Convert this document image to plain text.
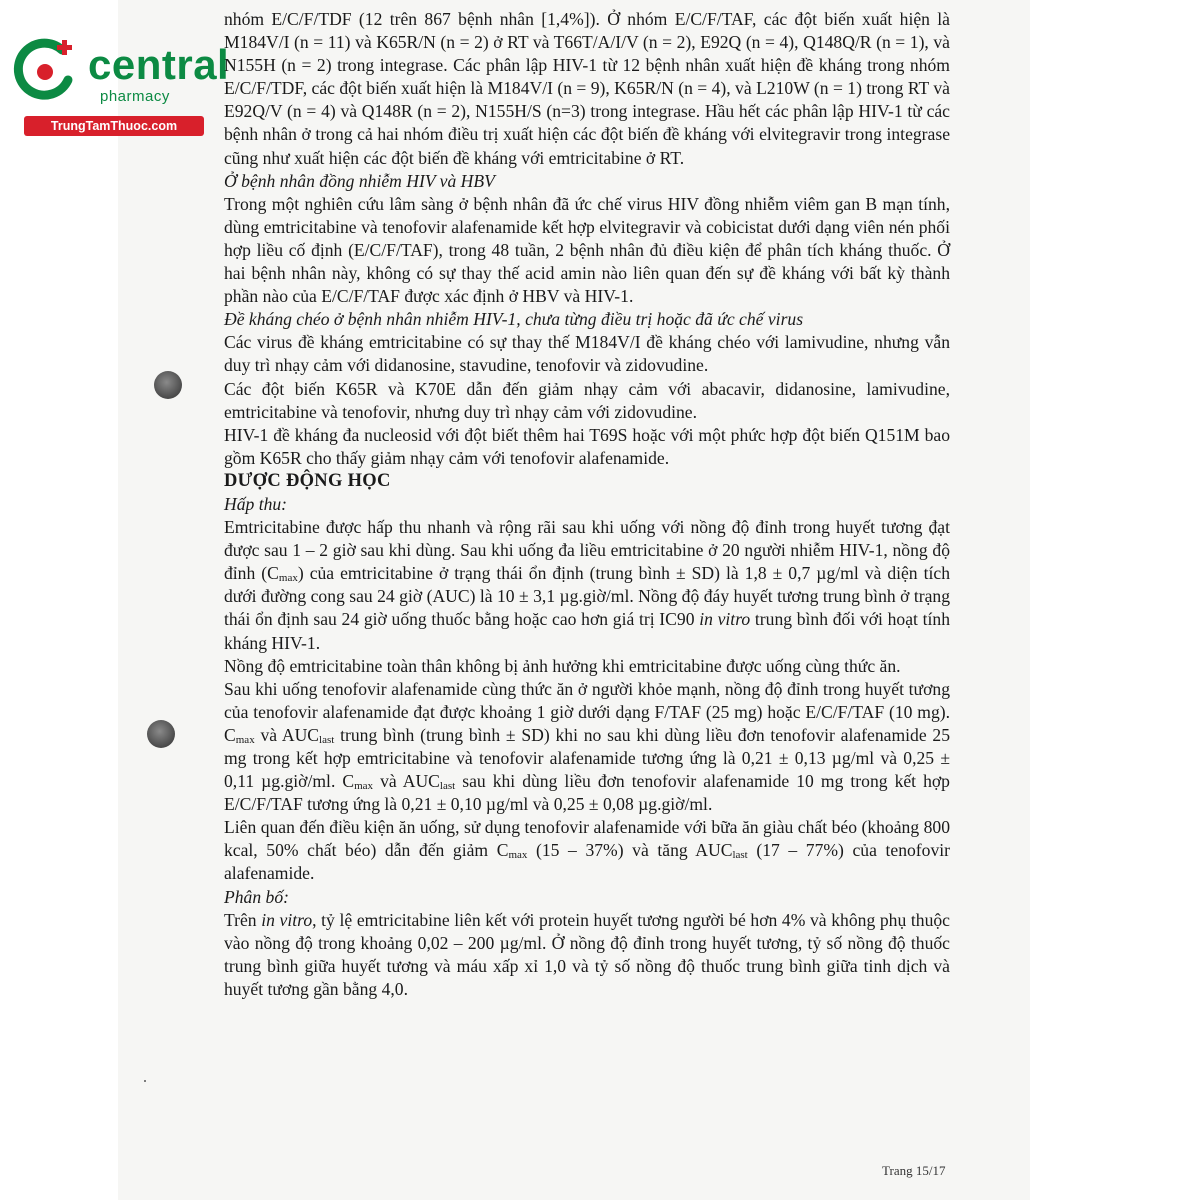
central
pharmacy
TrungTamThuoc.com

nhóm E/C/F/TDF (12 trên 867 bệnh nhân [1,4%]). Ở nhóm E/C/F/TAF, các đột biến xuất hiện là M184V/I (n = 11) và K65R/N (n = 2) ở RT và T66T/A/I/V (n = 2), E92Q (n = 4), Q148Q/R (n = 1), và N155H (n = 2) trong integrase. Các phân lập HIV-1 từ 12 bệnh nhân xuất hiện đề kháng trong nhóm E/C/F/TDF, các đột biến xuất hiện là M184V/I (n = 9), K65R/N (n = 4), và L210W (n = 1) trong RT và E92Q/V (n = 4) và Q148R (n = 2), N155H/S (n=3) trong integrase. Hầu hết các phân lập HIV-1 từ các bệnh nhân ở trong cả hai nhóm điều trị xuất hiện các đột biến đề kháng với elvitegravir trong integrase cũng như xuất hiện các đột biến đề kháng với emtricitabine ở RT.

Ở bệnh nhân đồng nhiễm HIV và HBV

Trong một nghiên cứu lâm sàng ở bệnh nhân đã ức chế virus HIV đồng nhiễm viêm gan B mạn tính, dùng emtricitabine và tenofovir alafenamide kết hợp elvitegravir và cobicistat dưới dạng viên nén phối hợp liều cố định (E/C/F/TAF), trong 48 tuần, 2 bệnh nhân đủ điều kiện để phân tích kháng thuốc. Ở hai bệnh nhân này, không có sự thay thế acid amin nào liên quan đến sự đề kháng với bất kỳ thành phần nào của E/C/F/TAF được xác định ở HBV và HIV-1.

Đề kháng chéo ở bệnh nhân nhiễm HIV-1, chưa từng điều trị hoặc đã ức chế virus

Các virus đề kháng emtricitabine có sự thay thế M184V/I đề kháng chéo với lamivudine, nhưng vẫn duy trì nhạy cảm với didanosine, stavudine, tenofovir và zidovudine.

Các đột biến K65R và K70E dẫn đến giảm nhạy cảm với abacavir, didanosine, lamivudine, emtricitabine và tenofovir, nhưng duy trì nhạy cảm với zidovudine.

HIV-1 đề kháng đa nucleosid với đột biết thêm hai T69S hoặc với một phức hợp đột biến Q151M bao gồm K65R cho thấy giảm nhạy cảm với tenofovir alafenamide.

DƯỢC ĐỘNG HỌC

Hấp thu:

Emtricitabine được hấp thu nhanh và rộng rãi sau khi uống với nồng độ đỉnh trong huyết tương đạt được sau 1 – 2 giờ sau khi dùng. Sau khi uống đa liều emtricitabine ở 20 người nhiễm HIV-1, nồng độ đỉnh $(C_{max})$ của emtricitabine ở trạng thái ổn định (trung bình ± SD) là 1,8 ± 0,7 µg/ml và diện tích dưới đường cong sau 24 giờ (AUC) là 10 ± 3,1 µg.giờ/ml. Nồng độ đáy huyết tương trung bình ở trạng thái ổn định sau 24 giờ uống thuốc bằng hoặc cao hơn giá trị IC90 in vitro trung bình đối với hoạt tính kháng HIV-1.

Nồng độ emtricitabine toàn thân không bị ảnh hưởng khi emtricitabine được uống cùng thức ăn.

Sau khi uống tenofovir alafenamide cùng thức ăn ở người khỏe mạnh, nồng độ đỉnh trong huyết tương của tenofovir alafenamide đạt được khoảng 1 giờ dưới dạng F/TAF (25 mg) hoặc E/C/F/TAF (10 mg). $C_{max}$ và $AUC_{last}$ trung bình (trung bình ± SD) khi no sau khi dùng liều đơn tenofovir alafenamide 25 mg trong kết hợp emtricitabine và tenofovir alafenamide tương ứng là 0,21 ± 0,13 µg/ml và 0,25 ± 0,11 µg.giờ/ml. $C_{max}$ và $AUC_{last}$ sau khi dùng liều đơn tenofovir alafenamide 10 mg trong kết hợp E/C/F/TAF tương ứng là 0,21 ± 0,10 µg/ml và 0,25 ± 0,08 µg.giờ/ml.

Liên quan đến điều kiện ăn uống, sử dụng tenofovir alafenamide với bữa ăn giàu chất béo (khoảng 800 kcal, 50% chất béo) dẫn đến giảm $C_{max}$ (15 – 37%) và tăng $AUC_{last}$ (17 – 77%) của tenofovir alafenamide.

Phân bố:

Trên in vitro, tỷ lệ emtricitabine liên kết với protein huyết tương người bé hơn 4% và không phụ thuộc vào nồng độ trong khoảng 0,02 – 200 µg/ml. Ở nồng độ đỉnh trong huyết tương, tỷ số nồng độ thuốc trung bình giữa huyết tương và máu xấp xỉ 1,0 và tỷ số nồng độ thuốc trung bình giữa tinh dịch và huyết tương gần bằng 4,0.

Trang 15/17
